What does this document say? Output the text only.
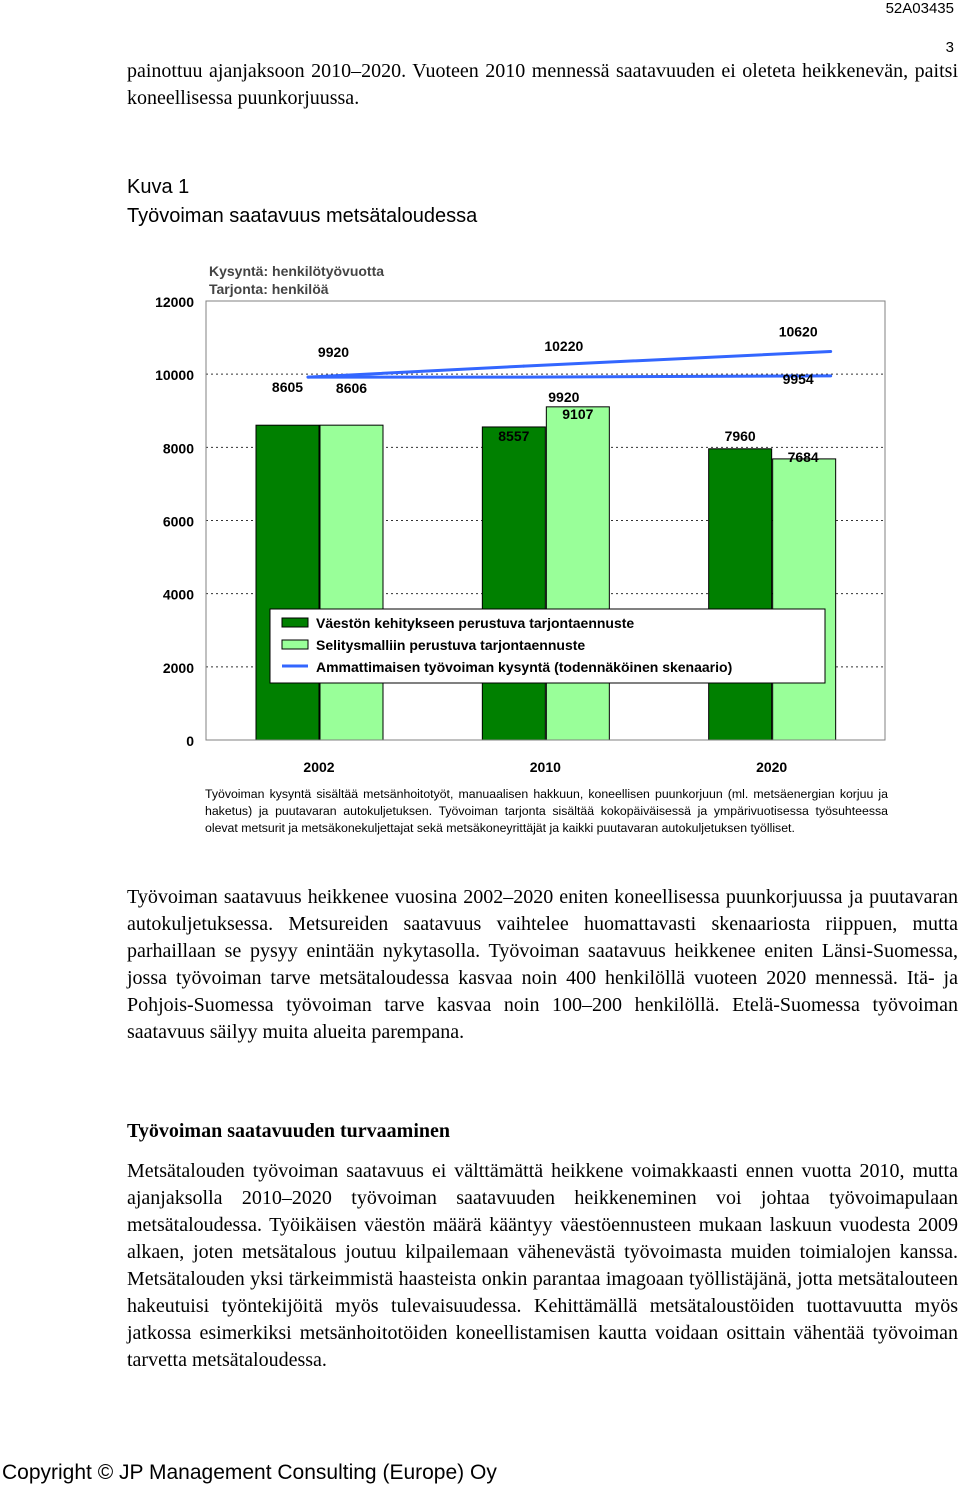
52A03435
3

painottuu ajanjaksoon 2010–2020. Vuoteen 2010 mennessä saatavuuden ei oleteta heikkenevän, paitsi koneellisessa puunkorjuussa.

Kuva 1
Työvoiman saatavuus metsätaloudessa
8605
8557	7960
8606
9107
7684
9920	10220
9920
10620
9954
0
2000
4000
6000
8000
10000
12000
2002	2010	2020
Kysyntä: henkilötyövuotta
Tarjonta: henkilöä
Väestön kehitykseen perustuva tarjontaennuste
Selitysmalliin perustuva tarjontaennuste
Ammattimaisen työvoiman kysyntä (todennäköinen skenaario)

Työvoiman kysyntä sisältää metsänhoitotyöt, manuaalisen hakkuun, koneellisen puunkorjuun (ml. metsäenergian korjuu ja haketus) ja puutavaran autokuljetuksen. Työvoiman tarjonta sisältää kokopäiväisessä ja ympärivuotisessa työsuhteessa olevat metsurit ja metsäkonekuljettajat sekä metsäkoneyrittäjät ja kaikki puutavaran autokuljetuksen työlliset.

Työvoiman saatavuus heikkenee vuosina 2002–2020 eniten koneellisessa puunkorjuussa ja puutavaran autokuljetuksessa. Metsureiden saatavuus vaihtelee huomattavasti skenaariosta riippuen, mutta parhaillaan se pysyy enintään nykytasolla. Työvoiman saatavuus heikkenee eniten Länsi-Suomessa, jossa työvoiman tarve metsätaloudessa kasvaa noin 400 henkilöllä vuoteen 2020 mennessä. Itä- ja Pohjois-Suomessa työvoiman tarve kasvaa noin 100–200 henkilöllä. Etelä-Suomessa työvoiman saatavuus säilyy muita alueita parempana.

Työvoiman saatavuuden turvaaminen

Metsätalouden työvoiman saatavuus ei välttämättä heikkene voimakkaasti ennen vuotta 2010, mutta ajanjaksolla 2010–2020 työvoiman saatavuuden heikkeneminen voi johtaa työvoimapulaan metsätaloudessa. Työikäisen väestön määrä kääntyy väestöennusteen mukaan laskuun vuodesta 2009 alkaen, joten metsätalous joutuu kilpailemaan vähenevästä työvoimasta muiden toimialojen kanssa. Metsätalouden yksi tärkeimmistä haasteista onkin parantaa imagoaan työllistäjänä, jotta metsätalouteen hakeutuisi työntekijöitä myös tulevaisuudessa. Kehittämällä metsätaloustöiden tuottavuutta myös jatkossa esimerkiksi metsänhoitotöiden koneellistamisen kautta voidaan osittain vähentää työvoiman tarvetta metsätaloudessa.

Copyright © JP Management Consulting (Europe) Oy
